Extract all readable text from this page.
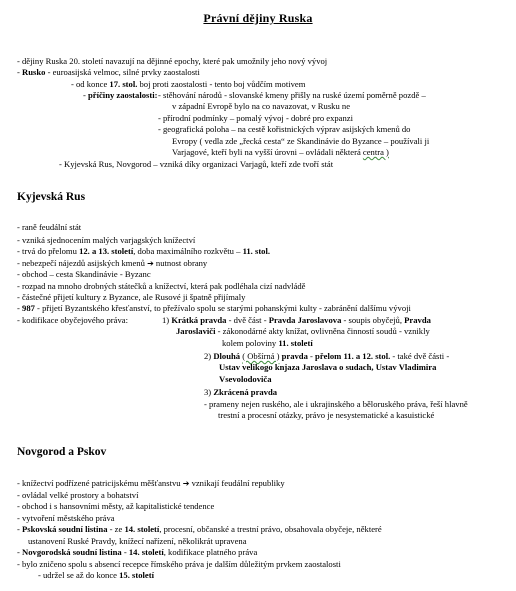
Právní dějiny Ruska
- dějiny Ruska 20. století navazují na dějinné epochy, které pak umožnily jeho nový vývoj
- Rusko - euroasijská velmoc, silné prvky zaostalosti
- od konce 17. stol. boj proti zaostalosti - tento boj vůdčím motivem
- příčiny zaostalosti: - stěhování národů - slovanské kmeny přišly na ruské území poměrně pozdě –
v západní Evropě bylo na co navazovat, v Rusku ne
- přírodní podmínky – pomalý vývoj - dobré pro expanzi
- geografická poloha – na cestě kořistnických výprav asijských kmenů do
Evropy ( vedla zde „řecká cesta“ ze Skandinávie do Byzance – používali ji
Varjagové, kteří byli na vyšší úrovni – ovládali některá centra )
- Kyjevská Rus, Novgorod – vzniká díky organizaci Varjagů, kteří zde tvoří stát
Kyjevská Rus
- raně feudální stát
- vzniká sjednocením malých varjagských knížectví
- trvá do přelomu 12. a 13. století, doba maximálního rozkvětu – 11. stol.
- nebezpečí nájezdů asijských kmenů ➔ nutnost obrany
- obchod – cesta Skandinávie - Byzanc
- rozpad na mnoho drobných státečků a knížectví, která pak podléhala cizí nadvládě
- částečné přijetí kultury z Byzance, ale Rusové ji špatně přijímaly
- 987 - přijetí Byzantského křesťanství, to přežívalo spolu se starými pohanskými kulty - zabránění dalšímu vývoji
- kodifikace obyčejového práva:	1) Krátká pravda - dvě část - Pravda Jaroslavova - soupis obyčejů, Pravda
Jaroslaviči - zákonodárné akty knížat, ovlivněna činností soudů - vznikly
kolem poloviny 11. století
2) Dlouhá ( Obšírná ) pravda - přelom 11. a 12. stol. - také dvě části -
Ustav velikogo knjaza Jaroslava o sudach, Ustav Vladimira
Vsevolodoviča
3) Zkrácená pravda
- prameny nejen ruského, ale i ukrajinského a běloruského práva, řeší hlavně
trestní a procesní otázky, právo je nesystematické a kasuistické
Novgorod a Pskov
- knížectví podřízené patricijskému měšťanstvu ➔ vznikají feudální republiky
- ovládal velké prostory a bohatství
- obchod i s hansovními městy, až kapitalistické tendence
- vytvoření městského práva
- Pskovská soudní listina - ze 14. století, procesní, občanské a trestní právo, obsahovala obyčeje, některé
ustanovení Ruské Pravdy, knížecí nařízení, několikrát upravena
- Novgorodská soudní listina - 14. století, kodifikace platného práva
- bylo zničeno spolu s absencí recepce římského práva je dalším důležitým prvkem zaostalosti
- udržel se až do konce 15. století
